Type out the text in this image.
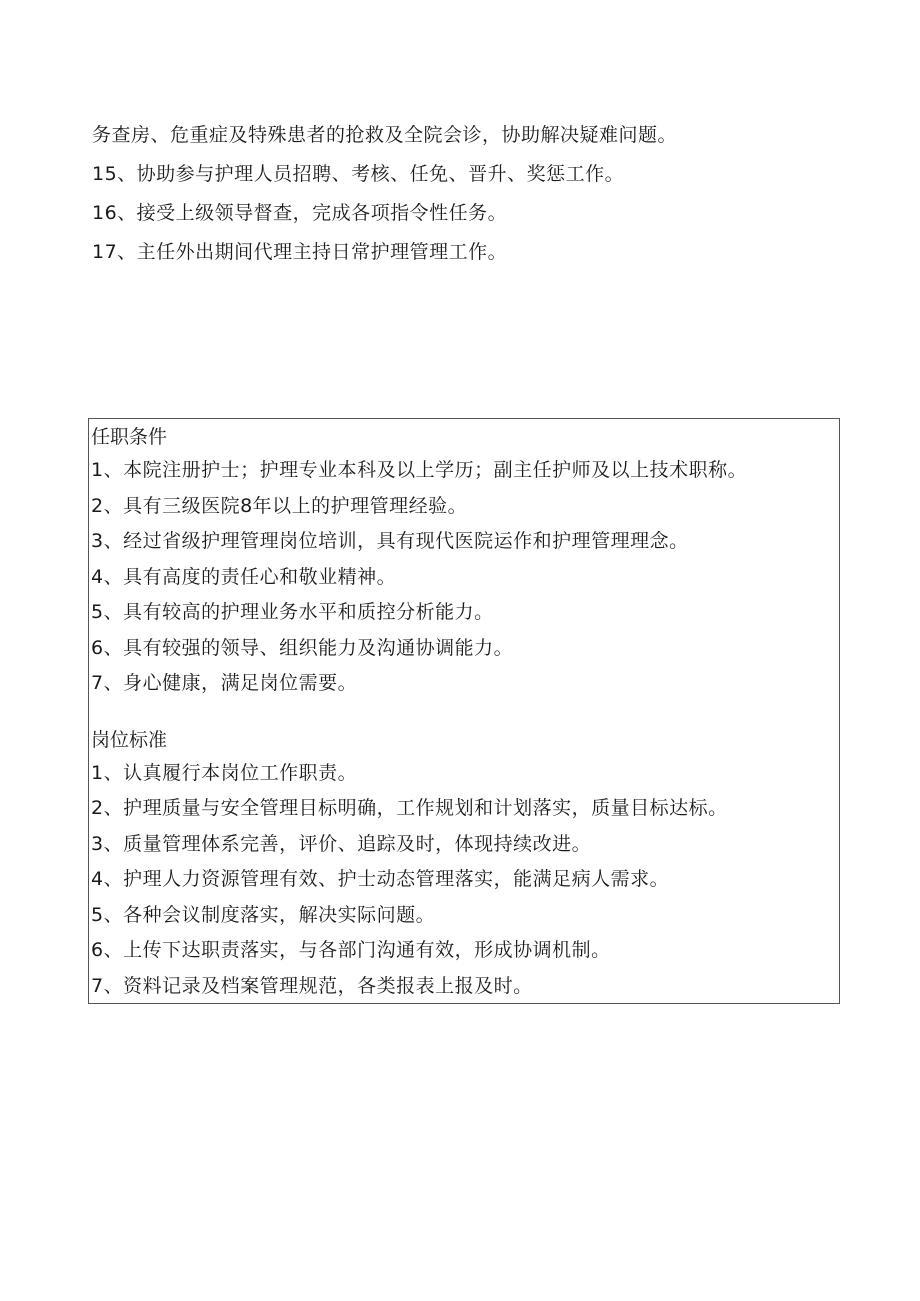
务查房、危重症及特殊患者的抢救及全院会诊，协助解决疑难问题。
15、协助参与护理人员招聘、考核、任免、晋升、奖惩工作。
16、接受上级领导督查，完成各项指令性任务。
17、主任外出期间代理主持日常护理管理工作。
任职条件
1、本院注册护士；护理专业本科及以上学历；副主任护师及以上技术职称。
2、具有三级医院8年以上的护理管理经验。
3、经过省级护理管理岗位培训，具有现代医院运作和护理管理理念。
4、具有高度的责任心和敬业精神。
5、具有较高的护理业务水平和质控分析能力。
6、具有较强的领导、组织能力及沟通协调能力。
7、身心健康，满足岗位需要。
岗位标准
1、认真履行本岗位工作职责。
2、护理质量与安全管理目标明确，工作规划和计划落实，质量目标达标。
3、质量管理体系完善，评价、追踪及时，体现持续改进。
4、护理人力资源管理有效、护士动态管理落实，能满足病人需求。
5、各种会议制度落实，解决实际问题。
6、上传下达职责落实，与各部门沟通有效，形成协调机制。
7、资料记录及档案管理规范，各类报表上报及时。
